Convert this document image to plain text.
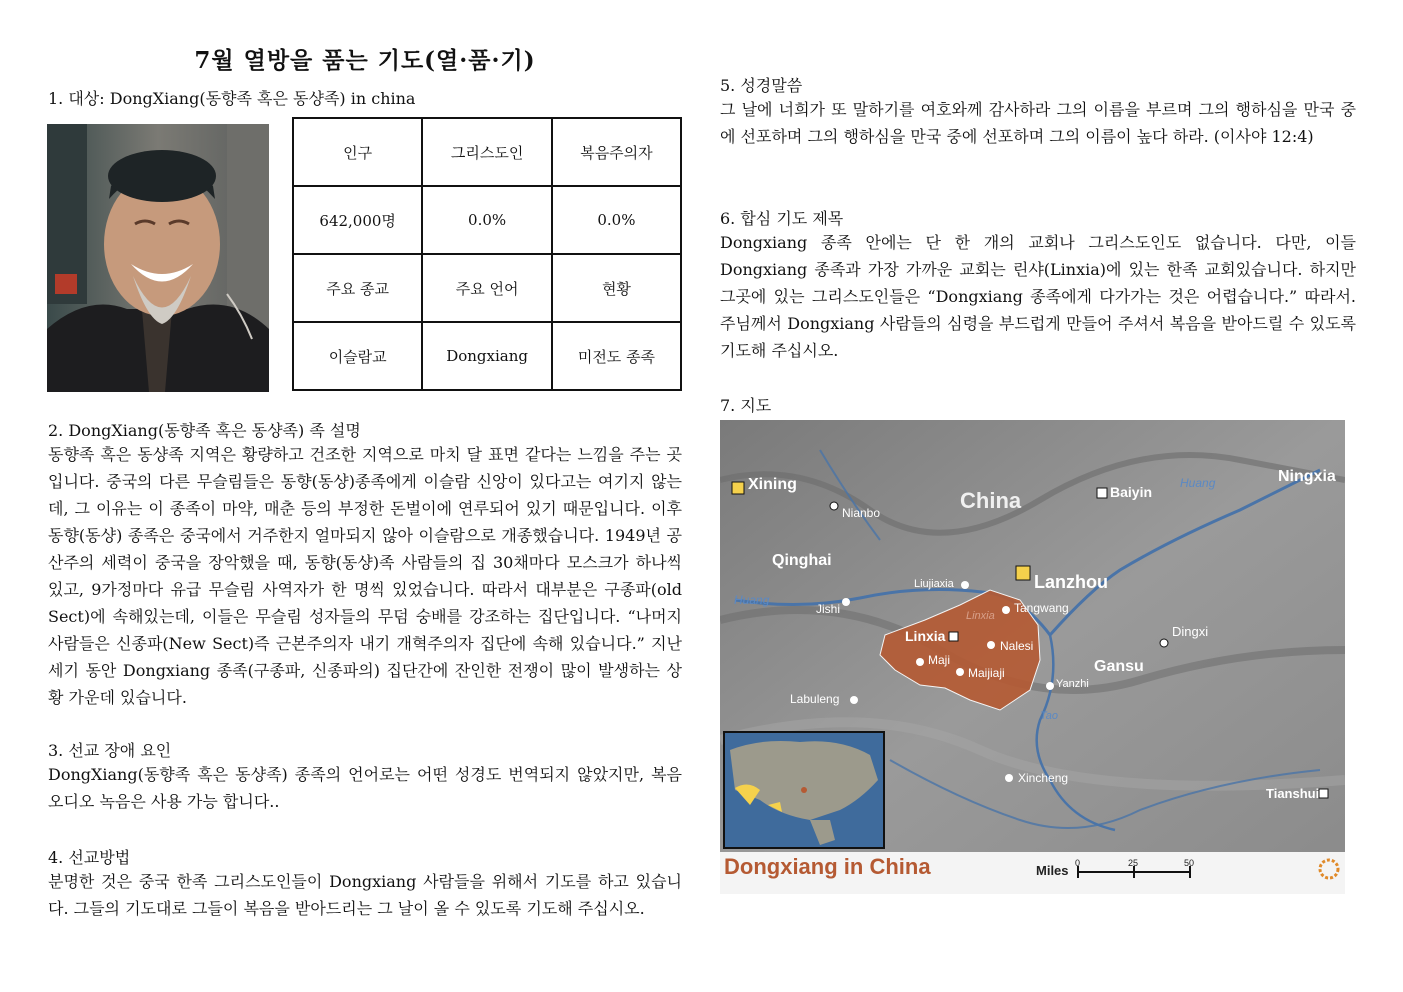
7월 열방을 품는 기도(열·품·기)
1. 대상: DongXiang(동향족 혹은 동샹족) in china
인구	그리스도인	복음주의자
642,000명	0.0%	0.0%
주요 종교	주요 언어	현황
이슬람교	Dongxiang	미전도 종족
2. DongXiang(동향족 혹은 동샹족) 족 설명
동향족 혹은 동샹족 지역은 황량하고 건조한 지역으로 마치 달 표면 같다는 느낌을 주는 곳입니다. 중국의 다른 무슬림들은 동향(동샹)종족에게 이슬람 신앙이 있다고는 여기지 않는데, 그 이유는 이 종족이 마약, 매춘 등의 부정한 돈벌이에 연루되어 있기 때문입니다. 이후 동향(동샹) 종족은 중국에서 거주한지 얼마되지 않아 이슬람으로 개종했습니다. 1949년 공산주의 세력이 중국을 장악했을 때, 동향(동샹)족 사람들의 집 30채마다 모스크가 하나씩 있고, 9가정마다 유급 무슬림 사역자가 한 명씩 있었습니다. 따라서 대부분은 구종파(old Sect)에 속해있는데, 이들은 무슬림 성자들의 무덤 숭배를 강조하는 집단입니다. “나머지 사람들은 신종파(New Sect)즉 근본주의자 내기 개혁주의자 집단에 속해 있습니다.” 지난 세기 동안 Dongxiang 종족(구종파, 신종파의) 집단간에 잔인한 전쟁이 많이 발생하는 상황 가운데 있습니다.
3. 선교 장애 요인
DongXiang(동향족 혹은 동샹족) 종족의 언어로는 어떤 성경도 번역되지 않았지만, 복음 오디오 녹음은 사용 가능 합니다..
4. 선교방법
분명한 것은 중국 한족 그리스도인들이 Dongxiang 사람들을 위해서 기도를 하고 있습니다. 그들의 기도대로 그들이 복음을 받아드리는 그 날이 올 수 있도록 기도해 주십시오.
5. 성경말씀
그 날에 너희가 또 말하기를 여호와께 감사하라 그의 이름을 부르며 그의 행하심을 만국 중에 선포하며 그의 행하심을 만국 중에 선포하며 그의 이름이 높다 하라. (이사야 12:4)
6. 합심 기도 제목
Dongxiang 종족 안에는 단 한 개의 교회나 그리스도인도 없습니다. 다만, 이들 Dongxiang 종족과 가장 가까운 교회는 린샤(Linxia)에 있는 한족 교회있습니다. 하지만 그곳에 있는 그리스도인들은 “Dongxiang 종족에게 다가가는 것은 어렵습니다.” 따라서. 주님께서 Dongxiang 사람들의 심령을 부드럽게 만들어 주셔서 복음을 받아드릴 수 있도록 기도해 주십시오.
7. 지도
Xining
China	Baiyin
Huang	Ningxia
Nianbo
Qinghai
Liujiaxia	Lanzhou
Huang
Jishi	Tangwang
Linxia
Linxia
Nalesi
Dingxi
Maji
Maijiaji	Gansu
Yanzhi
Labuleng
Tao
Xincheng
Tianshui
Dongxiang in China	Miles 0	25	50
